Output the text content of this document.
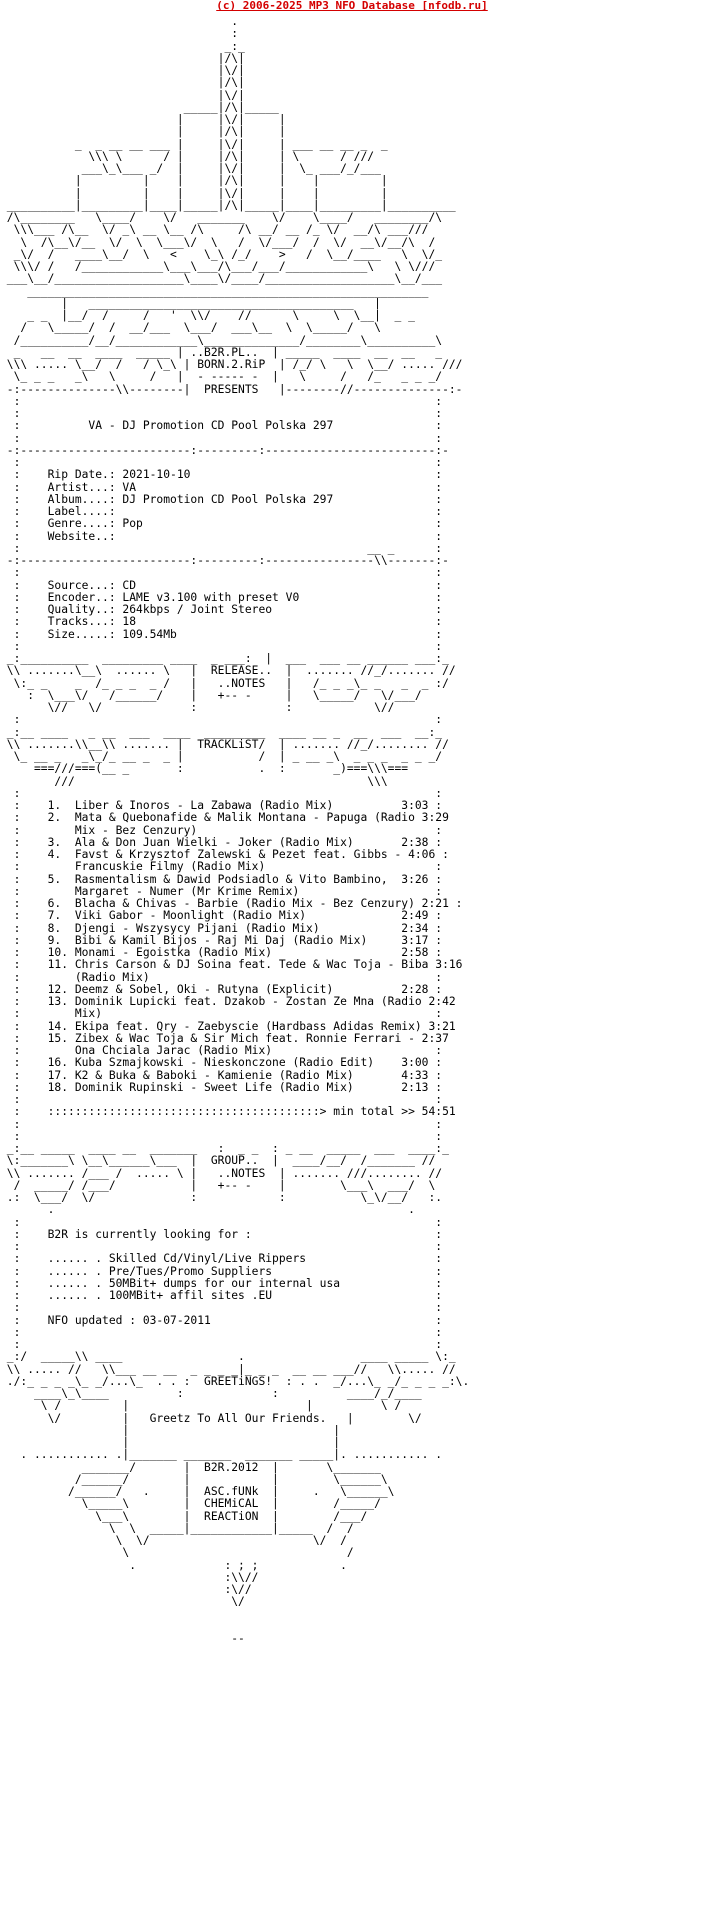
(c) 2006-2025 MP3 NFO Database [nfodb.ru]
.
:
_:_
|/\|
|\/|
|/\|
|\/|
_____|/\|_____
|     |\/|     |
|     |/\|     |
_  _ __ __ ___ |     |\/|     | ___ __ __ _  _
\\\ \      / |     |/\|     | \      / ///
___\_\___ _/  |     |\/|     |  \_ ___/_/___
|         |    |     |/\|     |    |         |
|         |    |     |\/|     |    |         |
__________|_________|____|_____|/\|_____|____|_________|__________
/\________   \____/    \/   _______    \/    \____/   ________/\
\\\___ /\__  \/ _\ __ \__ /\     /\ __/ __ /_ \/  __/\ ___///
\  /\__\/__  \/  \  \___\/  \   /  \/___/  /  \/  __\/__/\  /
_\/  /   ____\__/  \   <    \_\ /_/    >   /  \__/____   \  \/_
\\\/ /   /____________\___\___/\___/___/____________\   \ \///
___\__/___________________\____\/____/___________________\__/___
___________________________________________________________
|   _______________________________________   |
_ _  |__/  /     /   '  \\/    //      \     \  \__|  _ _
/   \_____/  /  __/___  \___/  ___\__  \  \_____/   \
/__________/__/____________\______________/________\__________\
_   __  __  ____  _____ | ..B2R.PL..  | _____  ____  __  __   _
\\\ ..... \__/  /   / \_\ | BORN.2.RiP  | /_/ \   \  \__/ ..... ///
\_ _ _   _\   \     /   |  - ----- -  |   \     /   /_   _ _ _/
-:--------------\\--------|  PRESENTS   |--------//--------------:-
:                                                             :
:                                                             :
:          VA - DJ Promotion CD Pool Polska 297               :
:                                                             :
-:-------------------------:---------:-------------------------:-
:                                                             :
:    Rip Date.: 2021-10-10                                    :
:    Artist...: VA                                            :
:    Album....: DJ Promotion CD Pool Polska 297               :
:    Label....:                                               :
:    Genre....: Pop                                           :
:    Website..:                                               :
:                                                   __ _      :
-:-------------------------:---------:----------------\\-------:-
:                                                             :
:    Source...: CD                                            :
:    Encoder..: LAME v3.100 with preset V0                    :
:    Quality..: 264kbps / Joint Stereo                        :
:    Tracks...: 18                                            :
:    Size.....: 109.54Mb                                      :
:                                                             :
_:__________  _________ ____  _ ___:  |  ___  ___ __ ______ ___:_
\\ .......\__\  ...... \   |  RELEASE..  |  ....... //_/....... //
\:_ _    _  /_ _ _  _ /   |   ..NOTES   |   /_ _ _\_ _   _  _ :/
:  \___\/   /______/    |   +-- -     |   \_____/   \/___/
\//   \/             :             :            \//
:                                                             :
_:__ ____   _ __  ___  ____  _________  ____ __ _  __  ___  __:_
\\ .......\\__\\ ....... |  TRACKLiST/  | ....... //_/........ //
\_ __ _   _\_/_ __ _  _ |           /  | _ __ _\  _ _ _  _ _ _/
===///===(__ _       :           .  :       _)===\\\===
///                                           \\\
:                                                             :
:    1.  Liber & Inoros - La Zabawa (Radio Mix)          3:03 :
:    2.  Mata & Quebonafide & Malik Montana - Papuga (Radio 3:29
:        Mix - Bez Cenzury)                                   :
:    3.  Ala & Don Juan Wielki - Joker (Radio Mix)       2:38 :
:    4.  Favst & Krzysztof Zalewski & Pezet feat. Gibbs - 4:06 :
:        Francuskie Filmy (Radio Mix)                         :
:    5.  Rasmentalism & Dawid Podsiadlo & Vito Bambino,  3:26 :
:        Margaret - Numer (Mr Krime Remix)                    :
:    6.  Blacha & Chivas - Barbie (Radio Mix - Bez Cenzury) 2:21 :
:    7.  Viki Gabor - Moonlight (Radio Mix)              2:49 :
:    8.  Djengi - Wszysycy Pijani (Radio Mix)            2:34 :
:    9.  Bibi & Kamil Bijos - Raj Mi Daj (Radio Mix)     3:17 :
:    10. Monami - Egoistka (Radio Mix)                   2:58 :
:    11. Chris Carson & DJ Soina feat. Tede & Wac Toja - Biba 3:16
:        (Radio Mix)                                          :
:    12. Deemz & Sobel, Oki - Rutyna (Explicit)          2:28 :
:    13. Dominik Lupicki feat. Dzakob - Zostan Ze Mna (Radio 2:42
:        Mix)                                                 :
:    14. Ekipa feat. Qry - Zaebyscie (Hardbass Adidas Remix) 3:21
:    15. Zibex & Wac Toja & Sir Mich feat. Ronnie Ferrari - 2:37
:        Ona Chciala Jarac (Radio Mix)                        :
:    16. Kuba Szmajkowski - Nieskonczone (Radio Edit)    3:00 :
:    17. K2 & Buka & Baboki - Kamienie (Radio Mix)       4:33 :
:    18. Dominik Rupinski - Sweet Life (Radio Mix)       2:13 :
:                                                             :
:    ::::::::::::::::::::::::::::::::::::::::> min total >> 54:51
:                                                             :
:                                                             :
_:__ _____  ____ __  _______   :  _ _  : _ __  _____  ___  ____:_
\:_______\ \__\______\___  |  GROUP..  |  ____/__/  /_______ //
\\ ....... /___ /  ..... \ |   ..NOTES  | ....... ///........ //
/  _____/ /___/           |   +-- -    |        \___\  ___/  \
.:  \___/  \/              :            :           \_\/__/   :.
.                                                    .
:                                                             :
:    B2R is currently looking for :                           :
:                                                             :
:    ...... . Skilled Cd/Vinyl/Live Rippers                   :
:    ...... . Pre/Tues/Promo Suppliers                        :
:    ...... . 50MBit+ dumps for our internal usa              :
:    ...... . 100MBit+ affil sites .EU                        :
:                                                             :
:    NFO updated : 03-07-2011                                 :
:                                                             :
:                                                             :
_:/  _____\\ ____                 .                 ____ _____ \:_
\\ ..... //   \\___ __ __  _ _ _ _|_ _ _  __ __ ___//   \\..... //
./:_ _ _ _\_ _/...\_  . . :  GREETiNGS!  : . .  _/...\_ _/_ _ _ _:\.
____\_\____          :             :          ____/_/____
\ /         |                          |          \ /
\/         |   Greetz To All Our Friends.   |        \/
|                              |
|                              |
. ........... .|_______ _______  _______ _____|. ........... .
_______/       |  B2R.2012  |       \_______
/______/        |            |        \______\
/______/   .     |  ASC.fUNk  |     .   \______\
\_____\        |  CHEMiCAL  |        /_____/
\___\        |  REACTiON  |        /___/
\  \  _____|____________|_____  /  /
\  \/                        \/  /
\                                /
.             : ; ;            .
:\\//
:\//
\/

--
